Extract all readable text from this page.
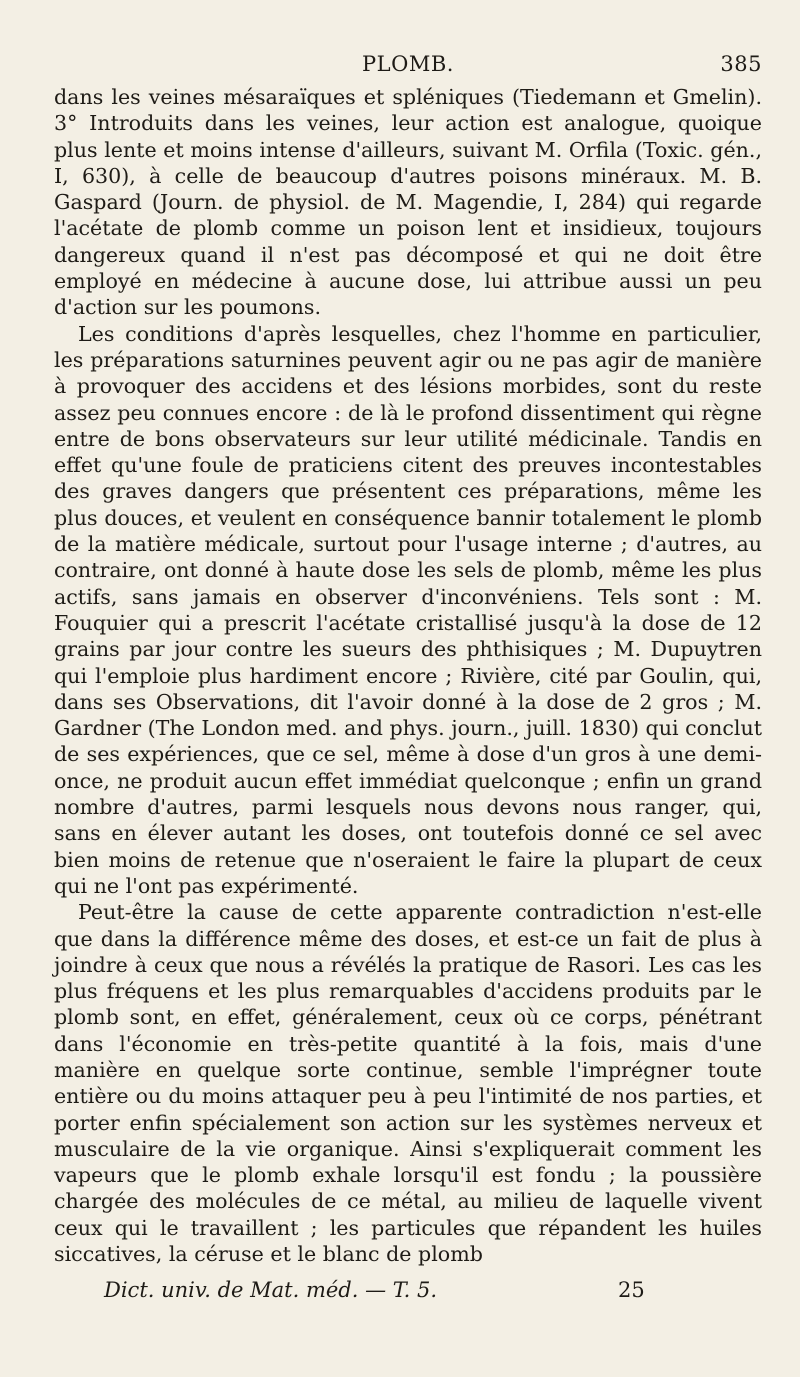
PLOMB.	385

dans les veines mésaraïques et spléniques (Tiedemann et Gmelin). 3° Introduits dans les veines, leur action est analogue, quoique plus lente et moins intense d'ailleurs, suivant M. Orfila (Toxic. gén., I, 630), à celle de beaucoup d'autres poisons minéraux. M. B. Gaspard (Journ. de physiol. de M. Magendie, I, 284) qui regarde l'acétate de plomb comme un poison lent et insidieux, toujours dangereux quand il n'est pas décomposé et qui ne doit être employé en médecine à aucune dose, lui attribue aussi un peu d'action sur les poumons.

Les conditions d'après lesquelles, chez l'homme en particulier, les préparations saturnines peuvent agir ou ne pas agir de manière à provoquer des accidens et des lésions morbides, sont du reste assez peu connues encore : de là le profond dissentiment qui règne entre de bons observateurs sur leur utilité médicinale. Tandis en effet qu'une foule de praticiens citent des preuves incontestables des graves dangers que présentent ces préparations, même les plus douces, et veulent en conséquence bannir totalement le plomb de la matière médicale, surtout pour l'usage interne ; d'autres, au contraire, ont donné à haute dose les sels de plomb, même les plus actifs, sans jamais en observer d'inconvéniens. Tels sont : M. Fouquier qui a prescrit l'acétate cristallisé jusqu'à la dose de 12 grains par jour contre les sueurs des phthisiques ; M. Dupuytren qui l'emploie plus hardiment encore ; Rivière, cité par Goulin, qui, dans ses Observations, dit l'avoir donné à la dose de 2 gros ; M. Gardner (The London med. and phys. journ., juill. 1830) qui conclut de ses expériences, que ce sel, même à dose d'un gros à une demi-once, ne produit aucun effet immédiat quelconque ; enfin un grand nombre d'autres, parmi lesquels nous devons nous ranger, qui, sans en élever autant les doses, ont toutefois donné ce sel avec bien moins de retenue que n'oseraient le faire la plupart de ceux qui ne l'ont pas expérimenté.

Peut-être la cause de cette apparente contradiction n'est-elle que dans la différence même des doses, et est-ce un fait de plus à joindre à ceux que nous a révélés la pratique de Rasori. Les cas les plus fréquens et les plus remarquables d'accidens produits par le plomb sont, en effet, généralement, ceux où ce corps, pénétrant dans l'économie en très-petite quantité à la fois, mais d'une manière en quelque sorte continue, semble l'imprégner toute entière ou du moins attaquer peu à peu l'intimité de nos parties, et porter enfin spécialement son action sur les systèmes nerveux et musculaire de la vie organique. Ainsi s'expliquerait comment les vapeurs que le plomb exhale lorsqu'il est fondu ; la poussière chargée des molécules de ce métal, au milieu de laquelle vivent ceux qui le travaillent ; les particules que répandent les huiles siccatives, la céruse et le blanc de plomb

Dict. univ. de Mat. méd. — T. 5.	25
